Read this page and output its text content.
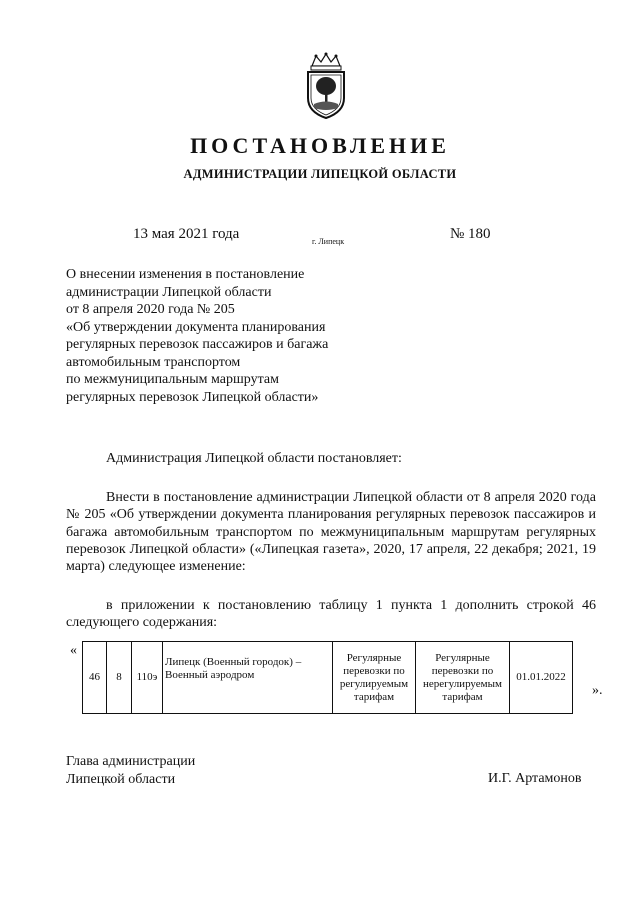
ПОСТАНОВЛЕНИЕ
АДМИНИСТРАЦИИ ЛИПЕЦКОЙ ОБЛАСТИ
13 мая 2021 года	г. Липецк	№ 180
О внесении изменения в постановление
администрации Липецкой области
от 8 апреля 2020 года № 205
«Об утверждении документа планирования
регулярных перевозок пассажиров и багажа
автомобильным транспортом
по межмуниципальным маршрутам
регулярных перевозок Липецкой области»
Администрация Липецкой области постановляет:
Внести в постановление администрации Липецкой области от 8 апреля 2020 года № 205 «Об утверждении документа планирования регулярных перевозок пассажиров и багажа автомобильным транспортом по межмуниципальным маршрутам регулярных перевозок Липецкой области» («Липецкая газета», 2020, 17 апреля, 22 декабря; 2021, 19 марта) следующее изменение:
в приложении к постановлению таблицу 1 пункта 1 дополнить строкой 46 следующего содержания:
«
46	8	110э	Липецк (Военный городок) – Военный аэродром	Регулярные перевозки по регулируемым тарифам	Регулярные перевозки по нерегулируемым тарифам	01.01.2022
».
Глава администрации
Липецкой области	И.Г. Артамонов
